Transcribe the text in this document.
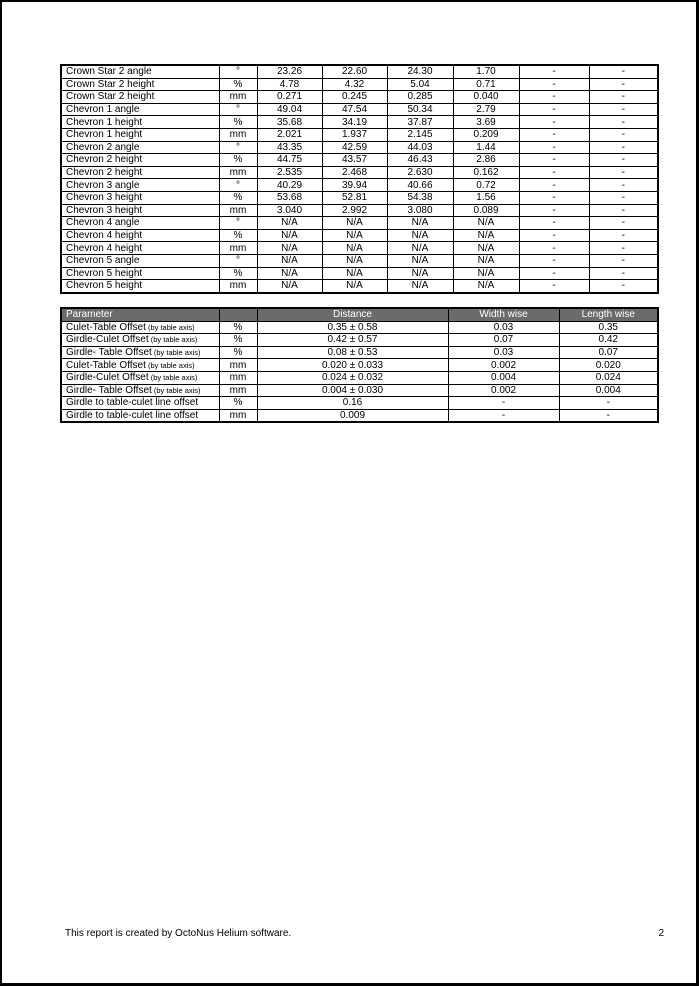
Crown Star 2 angle	°	23.26	22.60	24.30	1.70	-	-
Crown Star 2 height	%	4.78	4.32	5.04	0.71	-	-
Crown Star 2 height	mm	0.271	0.245	0.285	0.040	-	-
Chevron 1 angle	°	49.04	47.54	50.34	2.79	-	-
Chevron 1 height	%	35.68	34.19	37.87	3.69	-	-
Chevron 1 height	mm	2.021	1.937	2.145	0.209	-	-
Chevron 2 angle	°	43.35	42.59	44.03	1.44	-	-
Chevron 2 height	%	44.75	43.57	46.43	2.86	-	-
Chevron 2 height	mm	2.535	2.468	2.630	0.162	-	-
Chevron 3 angle	°	40.29	39.94	40.66	0.72	-	-
Chevron 3 height	%	53.68	52.81	54.38	1.56	-	-
Chevron 3 height	mm	3.040	2.992	3.080	0.089	-	-
Chevron 4 angle	°	N/A	N/A	N/A	N/A	-	-
Chevron 4 height	%	N/A	N/A	N/A	N/A	-	-
Chevron 4 height	mm	N/A	N/A	N/A	N/A	-	-
Chevron 5 angle	°	N/A	N/A	N/A	N/A	-	-
Chevron 5 height	%	N/A	N/A	N/A	N/A	-	-
Chevron 5 height	mm	N/A	N/A	N/A	N/A	-	-
Parameter		Distance	Width wise	Length wise
Culet-Table Offset (by table axis)	%	0.35 ± 0.58	0.03	0.35
Girdle-Culet Offset (by table axis)	%	0.42 ± 0.57	0.07	0.42
Girdle- Table Offset (by table axis)	%	0.08 ± 0.53	0.03	0.07
Culet-Table Offset (by table axis)	mm	0.020 ± 0.033	0.002	0.020
Girdle-Culet Offset (by table axis)	mm	0.024 ± 0.032	0.004	0.024
Girdle- Table Offset (by table axis)	mm	0.004 ± 0.030	0.002	0.004
Girdle to table-culet line offset	%	0.16	-	-
Girdle to table-culet line offset	mm	0.009	-	-
This report is created by OctoNus Helium software.	2
